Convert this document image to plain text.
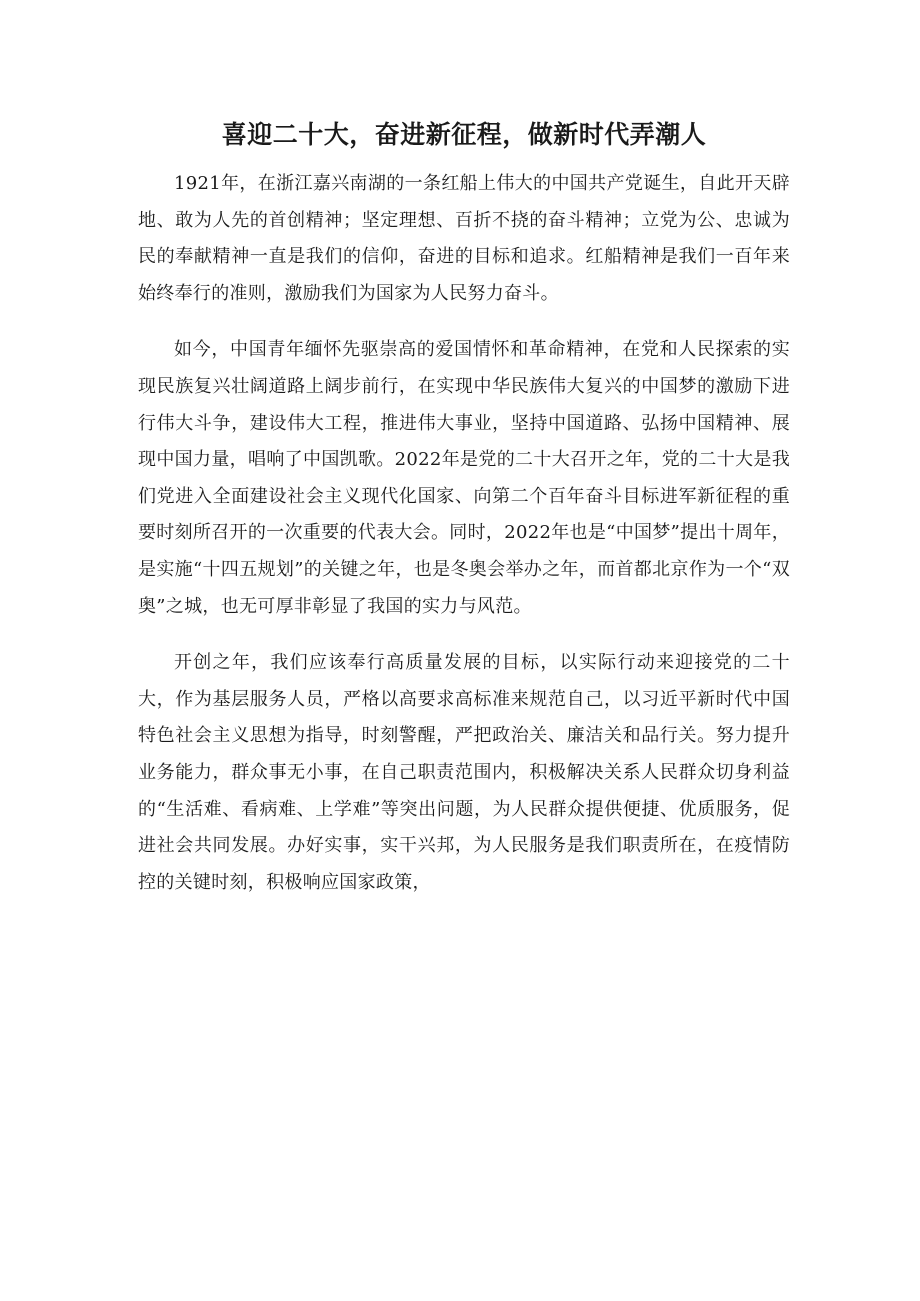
喜迎二十大，奋进新征程，做新时代弄潮人

1921年，在浙江嘉兴南湖的一条红船上伟大的中国共产党诞生，自此开天辟地、敢为人先的首创精神；坚定理想、百折不挠的奋斗精神；立党为公、忠诚为民的奉献精神一直是我们的信仰，奋进的目标和追求。红船精神是我们一百年来始终奉行的准则，激励我们为国家为人民努力奋斗。

如今，中国青年缅怀先驱崇高的爱国情怀和革命精神，在党和人民探索的实现民族复兴壮阔道路上阔步前行，在实现中华民族伟大复兴的中国梦的激励下进行伟大斗争，建设伟大工程，推进伟大事业，坚持中国道路、弘扬中国精神、展现中国力量，唱响了中国凯歌。2022年是党的二十大召开之年，党的二十大是我们党进入全面建设社会主义现代化国家、向第二个百年奋斗目标进军新征程的重要时刻所召开的一次重要的代表大会。同时，2022年也是“中国梦”提出十周年，是实施“十四五规划”的关键之年，也是冬奥会举办之年，而首都北京作为一个“双奥”之城，也无可厚非彰显了我国的实力与风范。

开创之年，我们应该奉行高质量发展的目标，以实际行动来迎接党的二十大，作为基层服务人员，严格以高要求高标准来规范自己，以习近平新时代中国特色社会主义思想为指导，时刻警醒，严把政治关、廉洁关和品行关。努力提升业务能力，群众事无小事，在自己职责范围内，积极解决关系人民群众切身利益的“生活难、看病难、上学难”等突出问题，为人民群众提供便捷、优质服务，促进社会共同发展。办好实事，实干兴邦，为人民服务是我们职责所在，在疫情防控的关键时刻，积极响应国家政策，
